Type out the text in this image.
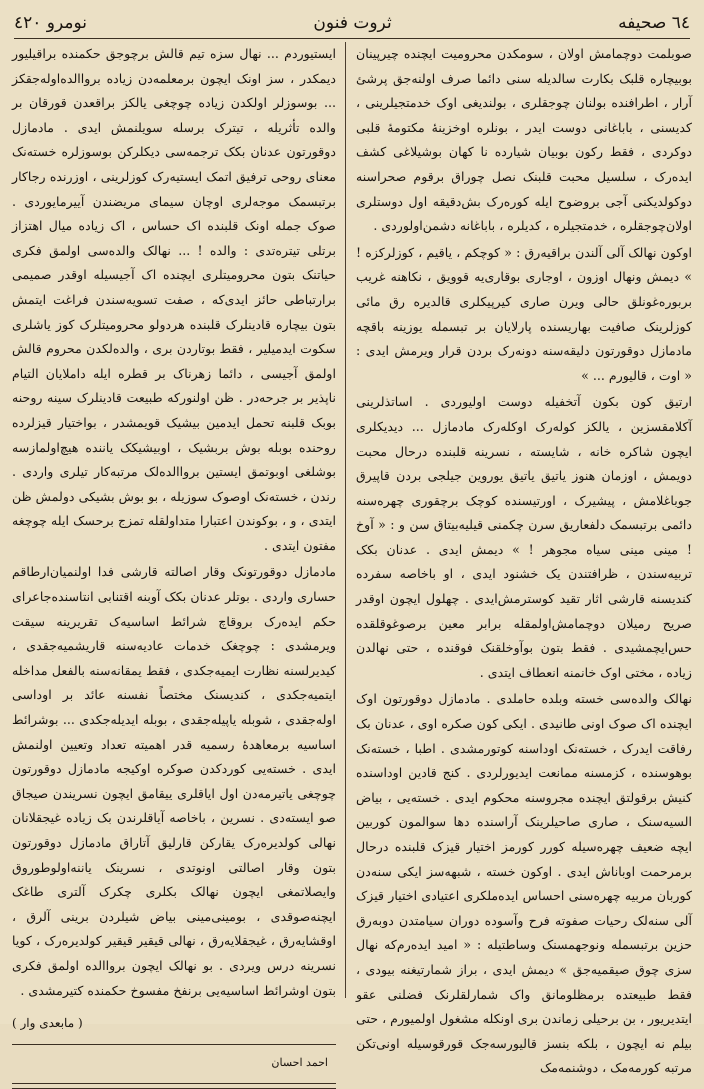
٦٤ صحیفه
ثروت فنون
نومرو ٤٢٠

صوبلمت دوچمامش اولان ، سومکدن محرومیت ایچنده چیرپینان بوبیچاره قلبک بکارت سالدیله سنی دائما صرف اولنه‌جق پرشئ آرار ، اطرافنده بولنان چوجقلری ، بولندیغی اوک خدمتجیلرینی ، کدیسنی ، باباغانی دوست ایدر ، بونلره اوخزینهٔ مکتومهٔ قلبی دوکردی ، فقط رکون بوبیان شیارده نا کهان بوشیلاغی کشف ایده‌رک ، سلسیل محبت قلبنک نصل چوراق برقوم صحراسنه دوکولدیکنی آجی بروضوح ایله کوره‌رک بش‌دقیقه اول دوستلری اولان‌چوجقلره ، خدمتجیلره ، کدیلره ، باباغانه دشمن‌اولوردی .

اوکون نهالک آلی آلندن براقیه‌رق : « کوچکم ، یاقیم ، کوزلرکزه ! » دیمش ونهال اوزون ، اوجاری بوقاری‌یه قوویق ، نکاهنه غریب بربوره‌غونلق حالی ویرن صاری کیرپیکلری قالدیره رق مائی کوزلرینک صافیت بهاریسنده پارلایان بر تبسمله یوزینه باقچه مادمازل دوقورتون دلیقه‌سنه دونه‌رک بردن قرار ویرمش ایدی : « اوت ، قالیورم ... »

ارتیق کون بکون آتخفیله دوست اولیوردی . اساتذلرینی آکلامقسزین ، یالکز کوله‌رک اوکله‌رک مادمازل ... دیدیکلری ایچون شاکره خانه ، شایسته ، نسرینه قلبنده درحال محبت دویمش ، اوزمان هنوز یاتیق یاتیق یوروین جیلجی بردن قاپیرق جوباغلامش ، پیشیرک ، اورتیسنده کوچک برچقوری چهره‌سنه دائمی برتبسمک دلفعاریق سرن چکمنی قیلیه‌بیتاق سن و : « آوخ ! مینی مینی سیاه مجوهر ! » دیمش ایدی . عدنان بکک تربیه‌سندن ، ظرافتندن یک خشنود ایدی ، او باخاصه سفرده کندیسنه قارشی اثار تقید کوسترمش‌ایدی . چهلول ایچون اوقدر صریح رمیلان دوچمامش‌اولمقله برابر معین برصوغوقلقده حس‌ایچمشیدی . فقط بتون بوآوخلقنک فوقنده ، حتی نهالدن زیاده ، مختی اوک خانمنه انعطاف ایتدی .

نهالک والده‌سی خسته وبلده حاملدی . مادمازل دوقورتون اوک ایچنده اک صوک اونی طانیدی . ایکی کون صکره اوی ، عدنان بک رفاقت ایدرک ، خسته‌نک اوداسنه کوتورمشدی . اطبا ، خسته‌نک بوهوسنده ، کزمسنه ممانعت ایدیورلردی . کنج قادین اوداسنده کنیش برقولتق ایچنده مجروسنه محکوم ایدی . خسته‌یی ، بیاض السیه‌سنک ، صاری صاحیلرینک آراسنده دها سوالمون کوربین ایچه ضعیف چهره‌سیله کورر کورمز اختیار قیزک قلبنده درحال برمرحمت اوباناش ایدی . اوکون خسته ، شبهه‌سز ایکی سنه‌دن کوربان مربیه چهره‌سنی احساس ایده‌ملکری اعتیادی اختیار قیزک آلی سنه‌لک رحیات صفوته فرح وآسوده دوران سیامتدن دوبه‌رق حزین برتبسمله ونوجهمسنک وساطتیله : « امید ایده‌رم‌که نهال سزی چوق صیقمیه‌جق » دیمش ایدی ، براز شمارتیغنه بیودی ، فقط طبیعتده برمظلومانق واک شمارلقلرنک فضلنی عقو ایتدیریور ، بن برحیلی زماندن بری اونکله مشغول اولمیورم ، حتی بیلم نه ایچون ، بلکه بنسز قالیورسه‌جک قورقوسیله اونی‌تکن مرتبه کورمه‌مک ، دوشنمه‌مک

ایستیوردم ... نهال سزه تیم قالش برچوجق حکمنده براقیلیور دیمکدر ، سز اونک ایچون برمعلمه‌دن زیاده برواالده‌اوله‌جقکز ... بوسوزلر اولکدن زیاده چوچغی یالکز براقعدن قورقان بر والده تأثریله ، تیترک برسله سویلنمش ایدی . مادمازل دوقورتون عدنان بکک ترجمه‌سی دیکلرکن بوسوزلره خسته‌نک معنای روحی ترفیق اتمک ایستیه‌رک کوزلرینی ، اوزرنده رجاکار برتبسمک موجه‌لری اوچان سیمای مریضندن آییرمایوردی . صوک جمله اونک قلبنده اک حساس ، اک زیاده میال اهتزاز برتلی تیتره‌تدی : والده ! ... نهالک والده‌سی اولمق فکری حیاتنک بتون محرومیتلری ایچنده اک آجیسیله اوقدر صمیمی برارتباطی حائز ایدی‌که ، صفت تسویه‌سندن فراغت ایتمش بتون بیچاره قادینلرک قلبنده هردولو محرومیتلرک کوز یاشلری سکوت ایدمیلیر ، فقط بوتاردن بری ، والده‌لکدن محروم قالش اولمق آجیسی ، دائما زهرناک بر قطره ایله داملایان التیام ناپذیر بر جرحه‌در . ظن اولنورکه طبیعت قادینلرک سینه روحنه بوبک قلبنه تحمل ایدمین بیشیک قویمشدر ، بواختیار قیزلرده روحنده بوبله بوش بربشیک ، اوبیشیکک یاننده هیچ‌اولمازسه بوشلغی اوبوتمق ایستین برواالده‌لک مرتبه‌کار تیلری واردی . رندن ، خسته‌نک اوصوک سوزیله ، بو بوش بشیکی دولمش ظن ایتدی ، و ، بوکوندن اعتبارا متداولقله تمزج برحسک ایله چوچغه مفتون ایتدی .

مادمازل دوقورتونک وقار اصالته قارشی فدا اولنمیان‌ارطاقم حساری واردی . بوتلر عدنان بکک آوبنه اقتنابی انتاسنده‌جاعرای حکم ایده‌رک بروقاچ شرائط اساسیه‌ک تقریرینه سیقت ویرمشدی : چوچغک خدمات عادیه‌سنه قاریشمیه‌جقدی ، کیدیرلسنه نظارت ایمیه‌جکدی ، فقط یمقانه‌سنه بالفعل مداخله ایتمیه‌جکدی ، کندیسنک مختصاً نفسنه عائد بر اوداسی اوله‌جقدی ، شوبله یاپیله‌جقدی ، بوبله ایدیله‌جکدی ... بوشرائط اساسیه برمعاهدهٔ رسمیه قدر اهمیته تعداد وتعیین اولنمش ایدی . خسته‌یی کوردکدن صوکره اوکیجه مادمازل دوقورتون چوچغی یاتیرمه‌دن اول ایاقلری ییقامق ایچون نسریندن صیجاق صو ایسته‌دی . نسرین ، باخاصه آیاقلرندن بک زیاده غیجقلانان نهالی کولدیره‌رک یقارکن قارلیق آتاراق مادمازل دوقورتون بتون وقار اصالتی اونوتدی ، نسرینک یاننه‌اولوطوروق وایصلاتمغی ایچون نهالک بکلری چکرک آلتری طاغک ایچنه‌صوقدی ، بومینی‌مینی بیاض شیلردن برینی آلرق ، اوقشایه‌رق ، غیجقلایه‌رق ، نهالی قیقیر قیقیر کولدیره‌رک ، کویا نسرینه درس ویردی . بو نهالک ایچون برواالده اولمق فکری بتون اوشرائط اساسیه‌یی برنفخ مفسوخ حکمنده کتیرمشدی .

( مابعدی وار )

احمد احسان
